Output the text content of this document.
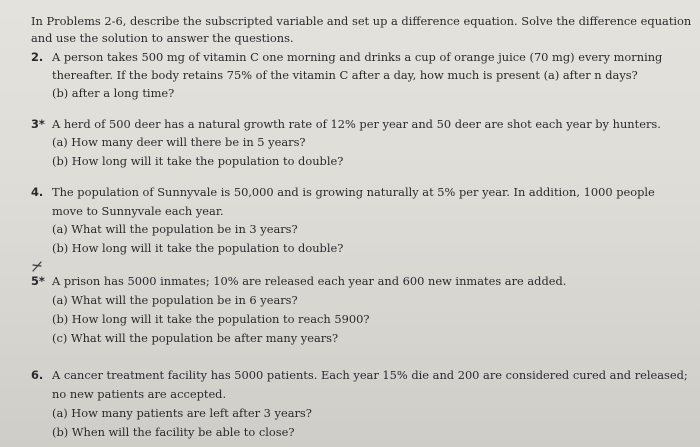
In Problems 2-6, describe the subscripted variable and set up a difference equation. Solve the difference equation
and use the solution to answer the questions.
2. A person takes 500 mg of vitamin C one morning and drinks a cup of orange juice (70 mg) every morning
thereafter. If the body retains 75% of the vitamin C after a day, how much is present (a) after n days?
(b) after a long time?
3* A herd of 500 deer has a natural growth rate of 12% per year and 50 deer are shot each year by hunters.
(a) How many deer will there be in 5 years?
(b) How long will it take the population to double?
4. The population of Sunnyvale is 50,000 and is growing naturally at 5% per year. In addition, 1000 people
move to Sunnyvale each year.
(a) What will the population be in 3 years?
(b) How long will it take the population to double?
5* A prison has 5000 inmates; 10% are released each year and 600 new inmates are added.
(a) What will the population be in 6 years?
(b) How long will it take the population to reach 5900?
(c) What will the population be after many years?
6. A cancer treatment facility has 5000 patients. Each year 15% die and 200 are considered cured and released;
no new patients are accepted.
(a) How many patients are left after 3 years?
(b) When will the facility be able to close?
